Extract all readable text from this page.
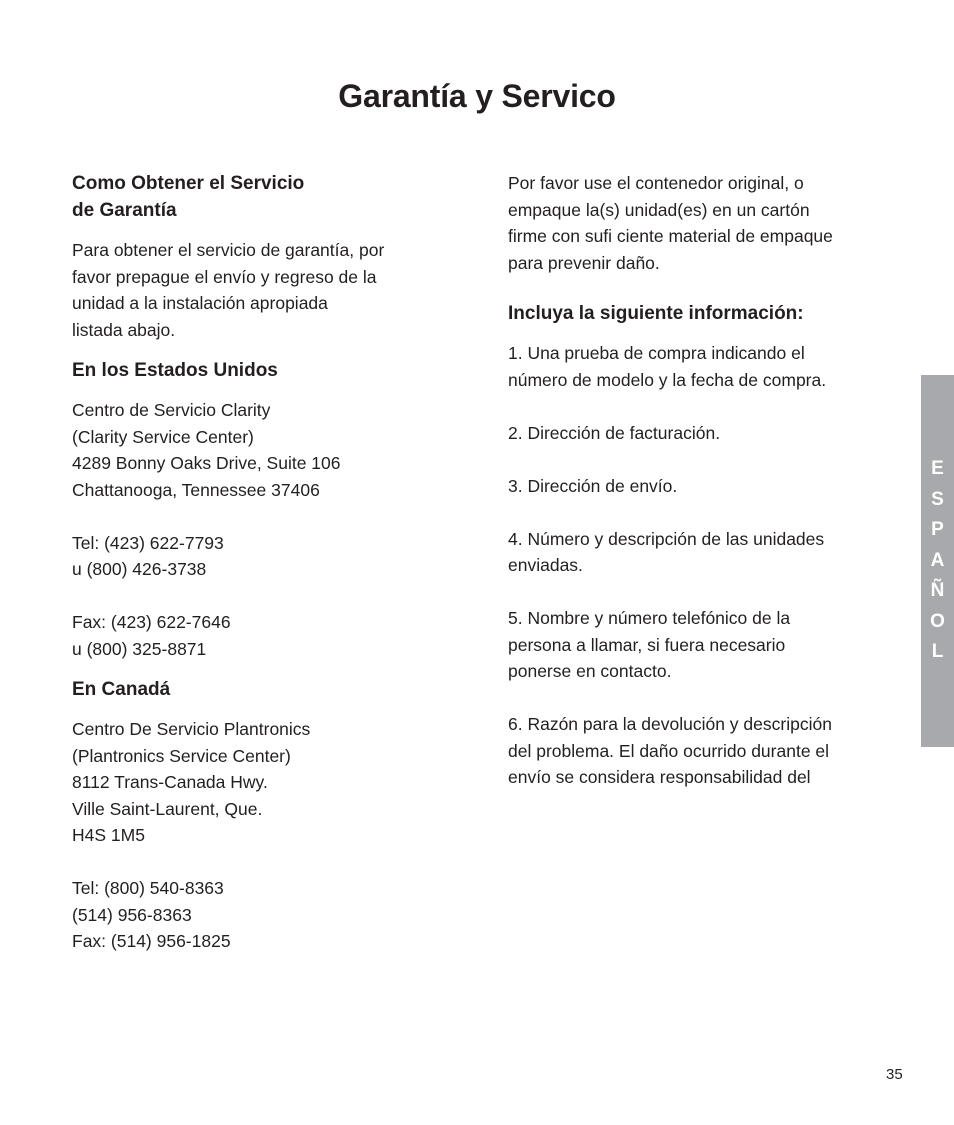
Garantía y Servico
Como Obtener el Servicio
de Garantía

Para obtener el servicio de garantía, por
favor prepague el envío y regreso de la
unidad a la instalación apropiada
listada abajo.

En los Estados Unidos

Centro de Servicio Clarity
(Clarity Service Center)
4289 Bonny Oaks Drive, Suite 106
Chattanooga, Tennessee 37406
Tel: (423) 622-7793
u (800) 426-3738
Fax: (423) 622-7646
u (800) 325-8871

En Canadá

Centro De Servicio Plantronics
(Plantronics Service Center)
8112 Trans-Canada Hwy.
Ville Saint-Laurent, Que.
H4S 1M5
Tel: (800) 540-8363
(514) 956-8363
Fax: (514) 956-1825

Por favor use el contenedor original, o
empaque la(s) unidad(es) en un cartón
firme con sufi ciente material de empaque
para prevenir daño.

Incluya la siguiente información:
1. Una prueba de compra indicando el
número de modelo y la fecha de compra.
2. Dirección de facturación.
3. Dirección de envío.
4. Número y descripción de las unidades
enviadas.
5. Nombre y número telefónico de la
persona a llamar, si fuera necesario
ponerse en contacto.
6. Razón para la devolución y descripción
del problema. El daño ocurrido durante el
envío se considera responsabilidad del
E
S
P
A
Ñ
O
L
35
